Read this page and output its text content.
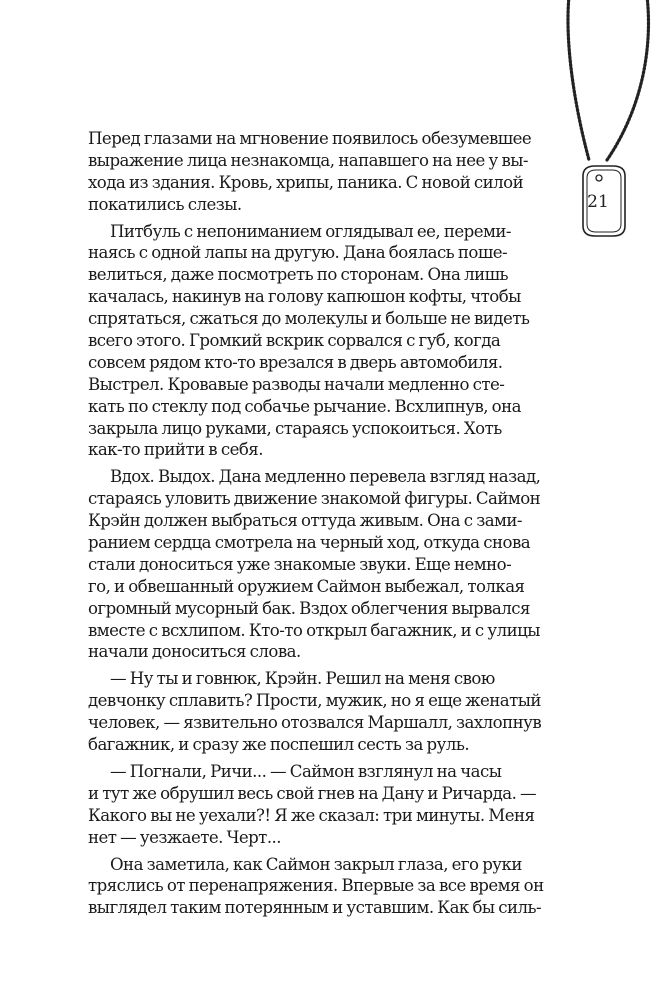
21
Перед глазами на мгновение появилось обезумевшее
выражение лица незнакомца, напавшего на нее у вы-
хода из здания. Кровь, хрипы, паника. С новой силой
покатились слезы.
Питбуль с непониманием оглядывал ее, переми-
наясь с одной лапы на другую. Дана боялась поше-
велиться, даже посмотреть по сторонам. Она лишь
качалась, накинув на голову капюшон кофты, чтобы
спрятаться, сжаться до молекулы и больше не видеть
всего этого. Громкий вскрик сорвался с губ, когда
совсем рядом кто-то врезался в дверь автомобиля.
Выстрел. Кровавые разводы начали медленно сте-
кать по стеклу под собачье рычание. Всхлипнув, она
закрыла лицо руками, стараясь успокоиться. Хоть
как-то прийти в себя.
Вдох. Выдох. Дана медленно перевела взгляд назад,
стараясь уловить движение знакомой фигуры. Саймон
Крэйн должен выбраться оттуда живым. Она с зами-
ранием сердца смотрела на черный ход, откуда снова
стали доноситься уже знакомые звуки. Еще немно-
го, и обвешанный оружием Саймон выбежал, толкая
огромный мусорный бак. Вздох облегчения вырвался
вместе с всхлипом. Кто-то открыл багажник, и с улицы
начали доноситься слова.
— Ну ты и говнюк, Крэйн. Решил на меня свою
девчонку сплавить? Прости, мужик, но я еще женатый
человек, — язвительно отозвался Маршалл, захлопнув
багажник, и сразу же поспешил сесть за руль.
— Погнали, Ричи... — Саймон взглянул на часы
и тут же обрушил весь свой гнев на Дану и Ричарда. —
Какого вы не уехали?! Я же сказал: три минуты. Меня
нет — уезжаете. Черт...
Она заметила, как Саймон закрыл глаза, его руки
тряслись от перенапряжения. Впервые за все время он
выглядел таким потерянным и уставшим. Как бы силь-
